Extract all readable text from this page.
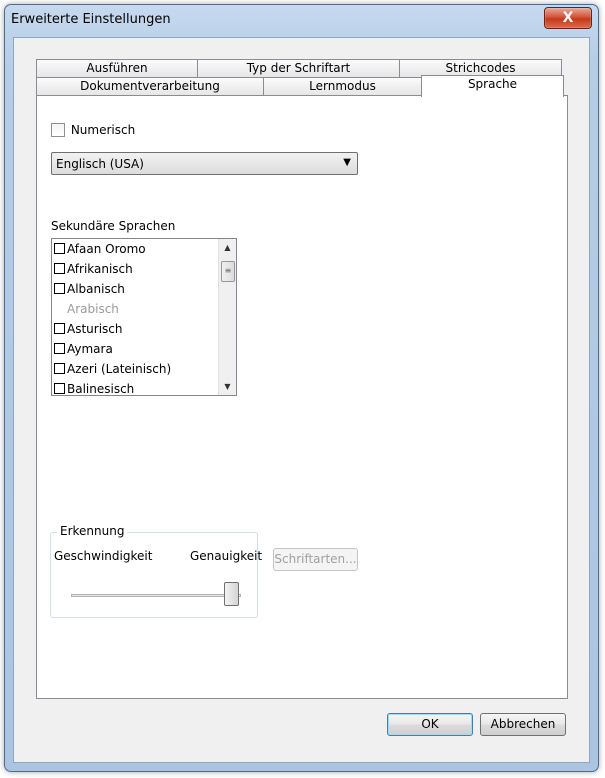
Erweiterte Einstellungen	X
Ausführen	Typ der Schriftart	Strichcodes
Dokumentverarbeitung	Lernmodus	Sprache
Numerisch
Englisch (USA)	▼
Sekundäre Sprachen
Afaan Oromo
Afrikanisch
Albanisch
Arabisch
Asturisch
Aymara
Azeri (Lateinisch)
Balinesisch
▲
≡
▼
Erkennung
Geschwindigkeit	Genauigkeit Schriftarten...
OK	Abbrechen
